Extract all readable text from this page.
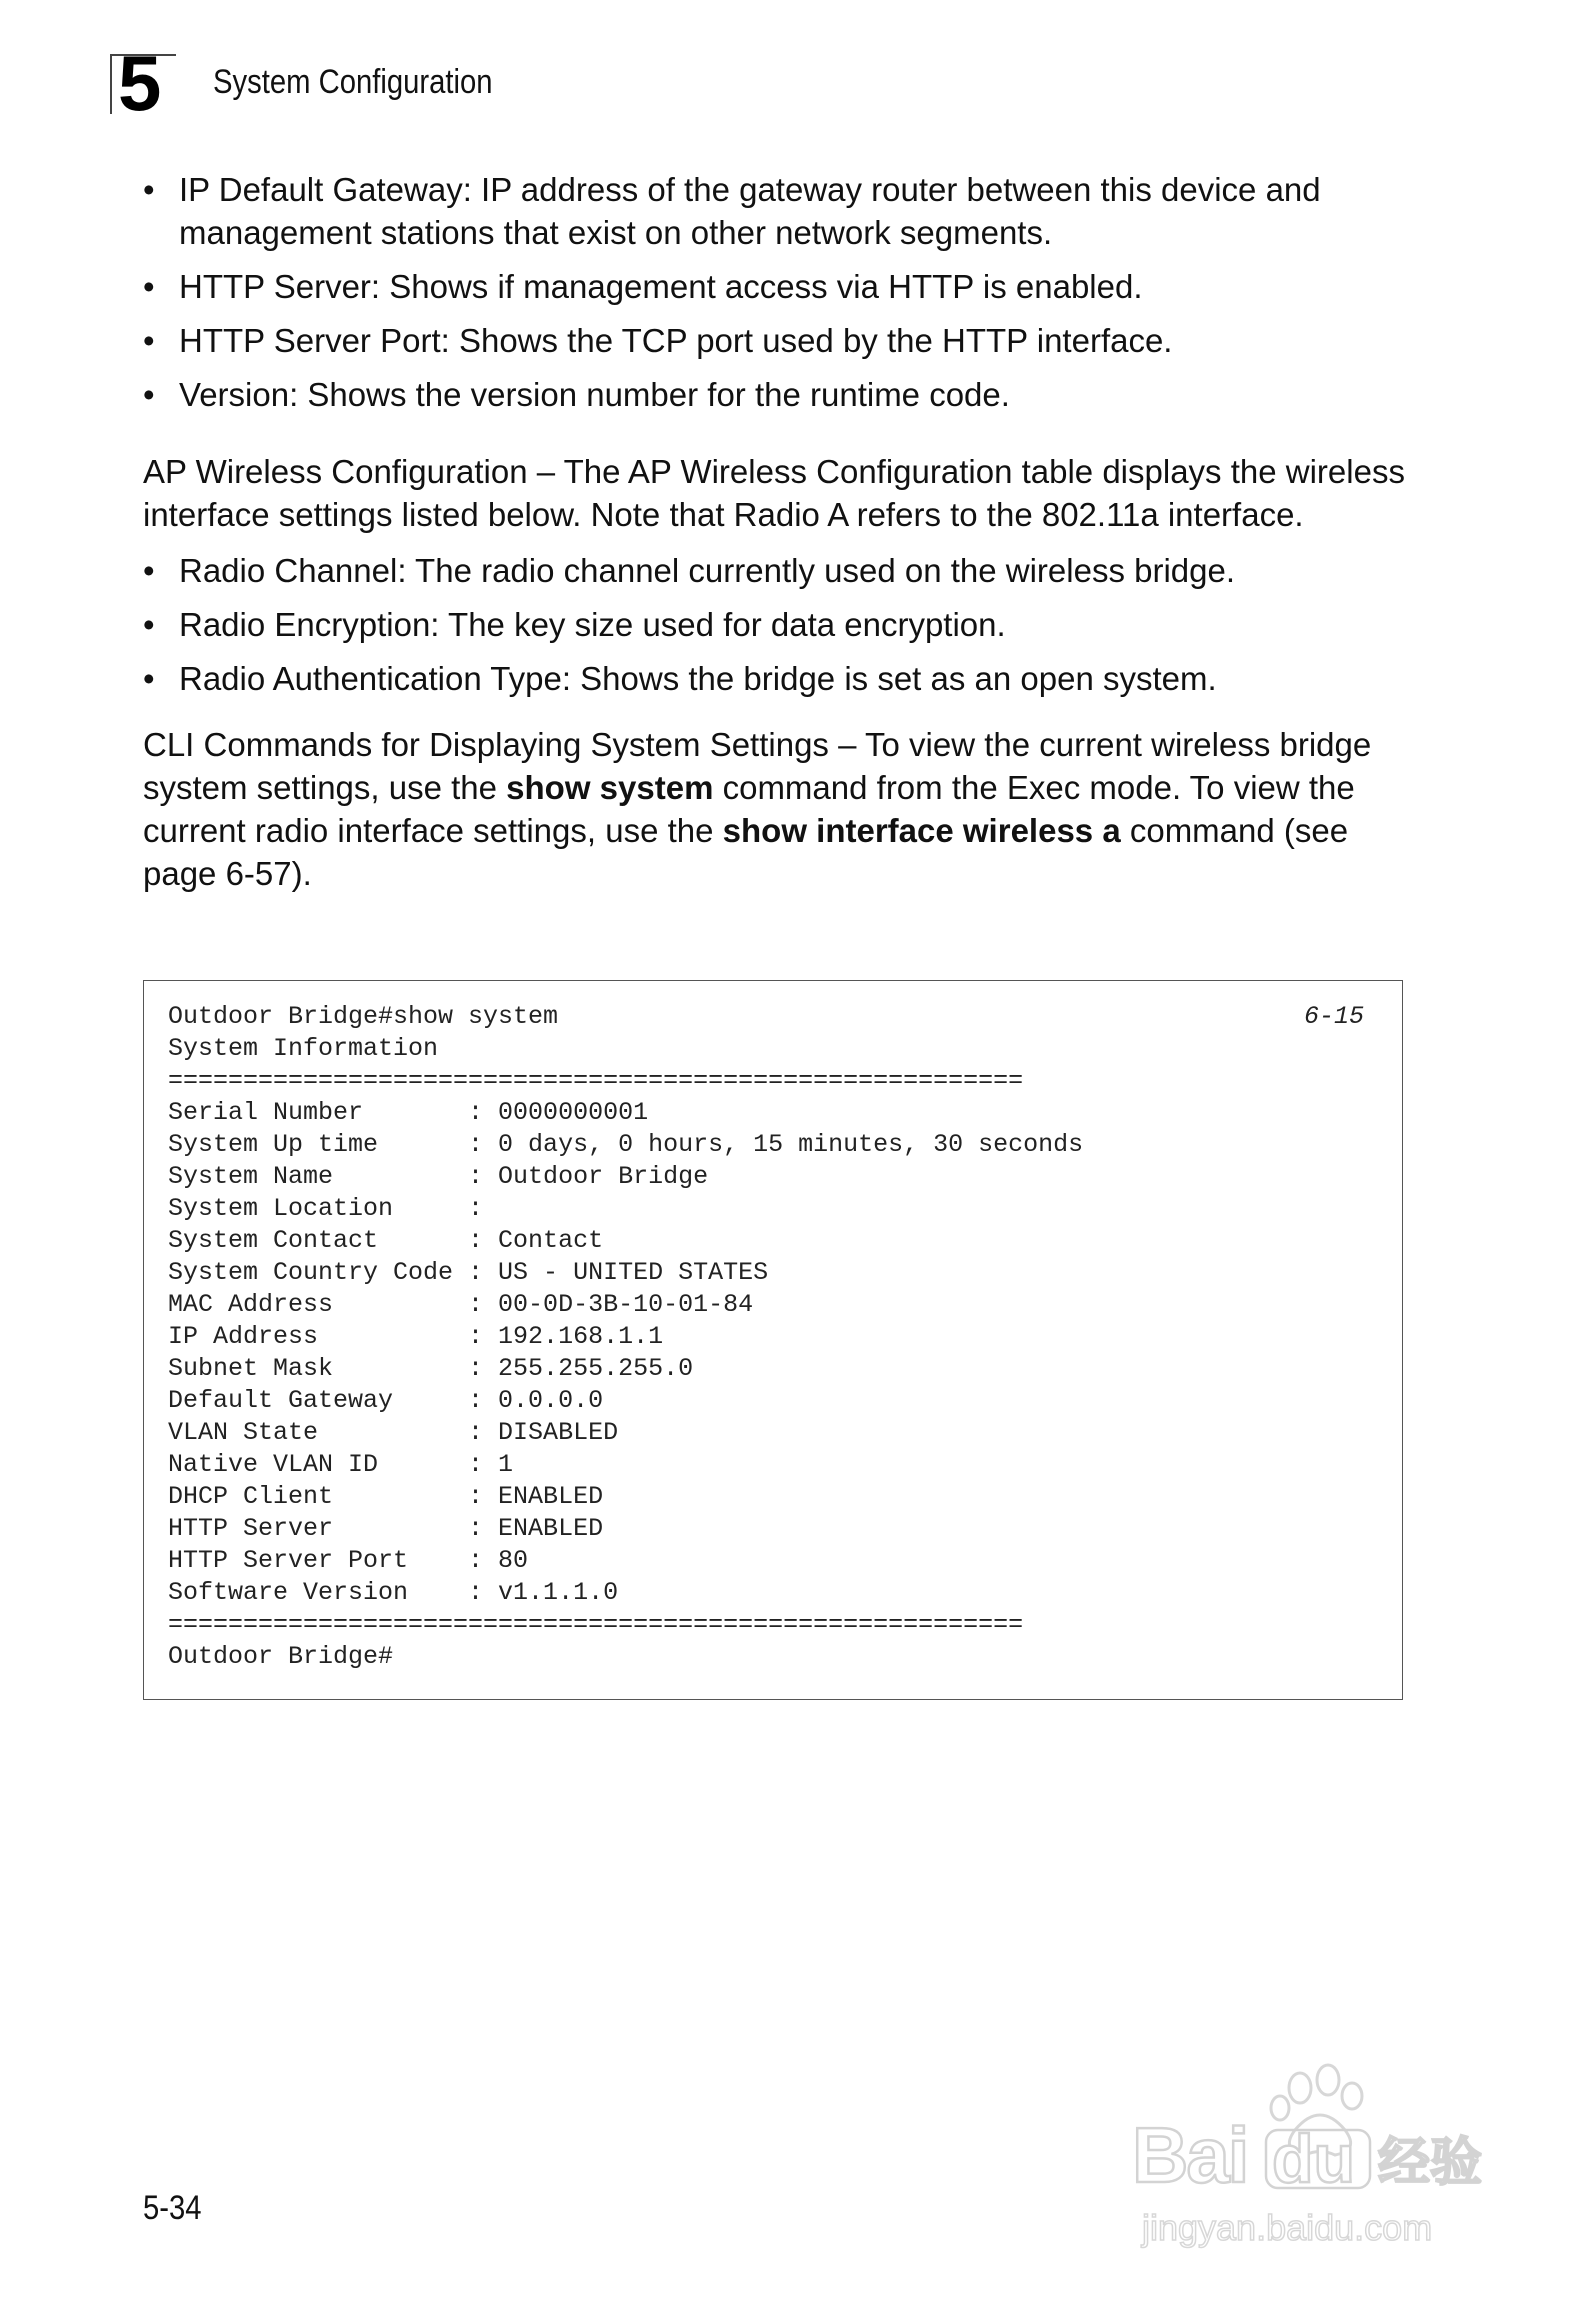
5 System Configuration
• IP Default Gateway: IP address of the gateway router between this device and management stations that exist on other network segments.
• HTTP Server: Shows if management access via HTTP is enabled.
• HTTP Server Port: Shows the TCP port used by the HTTP interface.
• Version: Shows the version number for the runtime code.

AP Wireless Configuration – The AP Wireless Configuration table displays the wireless interface settings listed below. Note that Radio A refers to the 802.11a interface.

• Radio Channel: The radio channel currently used on the wireless bridge.
• Radio Encryption: The key size used for data encryption.
• Radio Authentication Type: Shows the bridge is set as an open system.

CLI Commands for Displaying System Settings – To view the current wireless bridge system settings, use the show system command from the Exec mode. To view the current radio interface settings, use the show interface wireless a command (see page 6-57).

Outdoor Bridge#show system
System Information
=========================================================
Serial Number       : 0000000001
System Up time      : 0 days, 0 hours, 15 minutes, 30 seconds
System Name         : Outdoor Bridge
System Location     :
System Contact      : Contact
System Country Code : US - UNITED STATES
MAC Address         : 00-0D-3B-10-01-84
IP Address          : 192.168.1.1
Subnet Mask         : 255.255.255.0
Default Gateway     : 0.0.0.0
VLAN State          : DISABLED
Native VLAN ID      : 1
DHCP Client         : ENABLED
HTTP Server         : ENABLED
HTTP Server Port    : 80
Software Version    : v1.1.1.0
=========================================================
Outdoor Bridge#
6-15
5-34
Bai du 经验
jingyan.baidu.com
